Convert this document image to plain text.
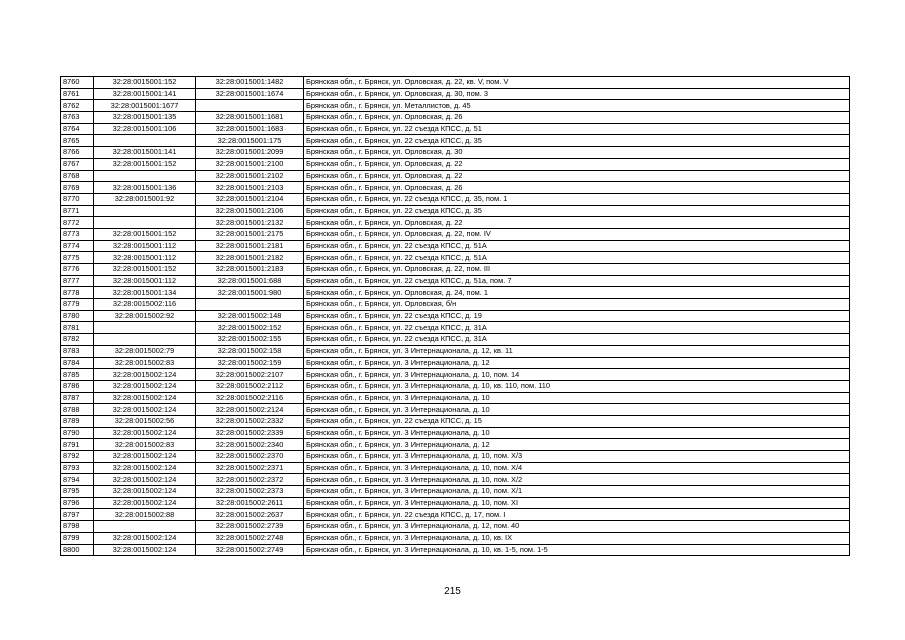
8760	32:28:0015001:152	32:28:0015001:1482	Брянская обл., г. Брянск, ул. Орловская, д. 22, кв. V, пом. V
8761	32:28:0015001:141	32:28:0015001:1674	Брянская обл., г. Брянск, ул. Орловская, д. 30, пом. 3
8762	32:28:0015001:1677		Брянская обл., г. Брянск, ул. Металлистов, д. 45
8763	32:28:0015001:135	32:28:0015001:1681	Брянская обл., г. Брянск, ул. Орловская, д. 26
8764	32:28:0015001:106	32:28:0015001:1683	Брянская обл., г. Брянск, ул. 22 съезда КПСС, д. 51
8765		32:28:0015001:175	Брянская обл., г. Брянск, ул. 22 съезда КПСС, д. 35
8766	32:28:0015001:141	32:28:0015001:2099	Брянская обл., г. Брянск, ул. Орловская, д. 30
8767	32:28:0015001:152	32:28:0015001:2100	Брянская обл., г. Брянск, ул. Орловская, д. 22
8768		32:28:0015001:2102	Брянская обл., г. Брянск, ул. Орловская, д. 22
8769	32:28:0015001:136	32:28:0015001:2103	Брянская обл., г. Брянск, ул. Орловская, д. 26
8770	32:28:0015001:92	32:28:0015001:2104	Брянская обл., г. Брянск, ул. 22 съезда КПСС, д. 35, пом. 1
8771		32:28:0015001:2106	Брянская обл., г. Брянск, ул. 22 съезда КПСС, д. 35
8772		32:28:0015001:2132	Брянская обл., г. Брянск, ул. Орловская, д. 22
8773	32:28:0015001:152	32:28:0015001:2175	Брянская обл., г. Брянск, ул. Орловская, д. 22, пом. IV
8774	32:28:0015001:112	32:28:0015001:2181	Брянская обл., г. Брянск, ул. 22 съезда КПСС, д. 51А
8775	32:28:0015001:112	32:28:0015001:2182	Брянская обл., г. Брянск, ул. 22 съезда КПСС, д. 51А
8776	32:28:0015001:152	32:28:0015001:2183	Брянская обл., г. Брянск, ул. Орловская, д. 22, пом. III
8777	32:28:0015001:112	32:28:0015001:688	Брянская обл., г. Брянск, ул. 22 съезда КПСС, д. 51а, пом. 7
8778	32:28:0015001:134	32:28:0015001:980	Брянская обл., г. Брянск, ул. Орловская, д. 24, пом. 1
8779	32:28:0015002:116		Брянская обл., г. Брянск, ул. Орловская, б/н
8780	32:28:0015002:92	32:28:0015002:148	Брянская обл., г. Брянск, ул. 22 съезда КПСС, д. 19
8781		32:28:0015002:152	Брянская обл., г. Брянск, ул. 22 съезда КПСС, д. 31А
8782		32:28:0015002:155	Брянская обл., г. Брянск, ул. 22 съезда КПСС, д. 31А
8783	32:28:0015002:79	32:28:0015002:158	Брянская обл., г. Брянск, ул. 3 Интернационала, д. 12, кв. 11
8784	32:28:0015002:83	32:28:0015002:159	Брянская обл., г. Брянск, ул. 3 Интернационала, д. 12
8785	32:28:0015002:124	32:28:0015002:2107	Брянская обл., г. Брянск, ул. 3 Интернационала, д. 10, пом. 14
8786	32:28:0015002:124	32:28:0015002:2112	Брянская обл., г. Брянск, ул. 3 Интернационала, д. 10, кв. 110, пом. 110
8787	32:28:0015002:124	32:28:0015002:2116	Брянская обл., г. Брянск, ул. 3 Интернационала, д. 10
8788	32:28:0015002:124	32:28:0015002:2124	Брянская обл., г. Брянск, ул. 3 Интернационала, д. 10
8789	32:28:0015002:56	32:28:0015002:2332	Брянская обл., г. Брянск, ул. 22 съезда КПСС, д. 15
8790	32:28:0015002:124	32:28:0015002:2339	Брянская обл., г. Брянск, ул. 3 Интернационала, д. 10
8791	32:28:0015002:83	32:28:0015002:2340	Брянская обл., г. Брянск, ул. 3 Интернационала, д. 12
8792	32:28:0015002:124	32:28:0015002:2370	Брянская обл., г. Брянск, ул. 3 Интернационала, д. 10, пом. Х/3
8793	32:28:0015002:124	32:28:0015002:2371	Брянская обл., г. Брянск, ул. 3 Интернационала, д. 10, пом. Х/4
8794	32:28:0015002:124	32:28:0015002:2372	Брянская обл., г. Брянск, ул. 3 Интернационала, д. 10, пом. Х/2
8795	32:28:0015002:124	32:28:0015002:2373	Брянская обл., г. Брянск, ул. 3 Интернационала, д. 10, пом. Х/1
8796	32:28:0015002:124	32:28:0015002:2611	Брянская обл., г. Брянск, ул. 3 Интернационала, д. 10, пом. XI
8797	32:28:0015002:88	32:28:0015002:2637	Брянская обл., г. Брянск, ул. 22 съезда КПСС, д. 17, пом. I
8798		32:28:0015002:2739	Брянская обл., г. Брянск, ул. 3 Интернационала, д. 12, пом. 40
8799	32:28:0015002:124	32:28:0015002:2748	Брянская обл., г. Брянск, ул. 3 Интернационала, д. 10, кв. IX
8800	32:28:0015002:124	32:28:0015002:2749	Брянская обл., г. Брянск, ул. 3 Интернационала, д. 10, кв. 1-5, пом. 1-5
215
